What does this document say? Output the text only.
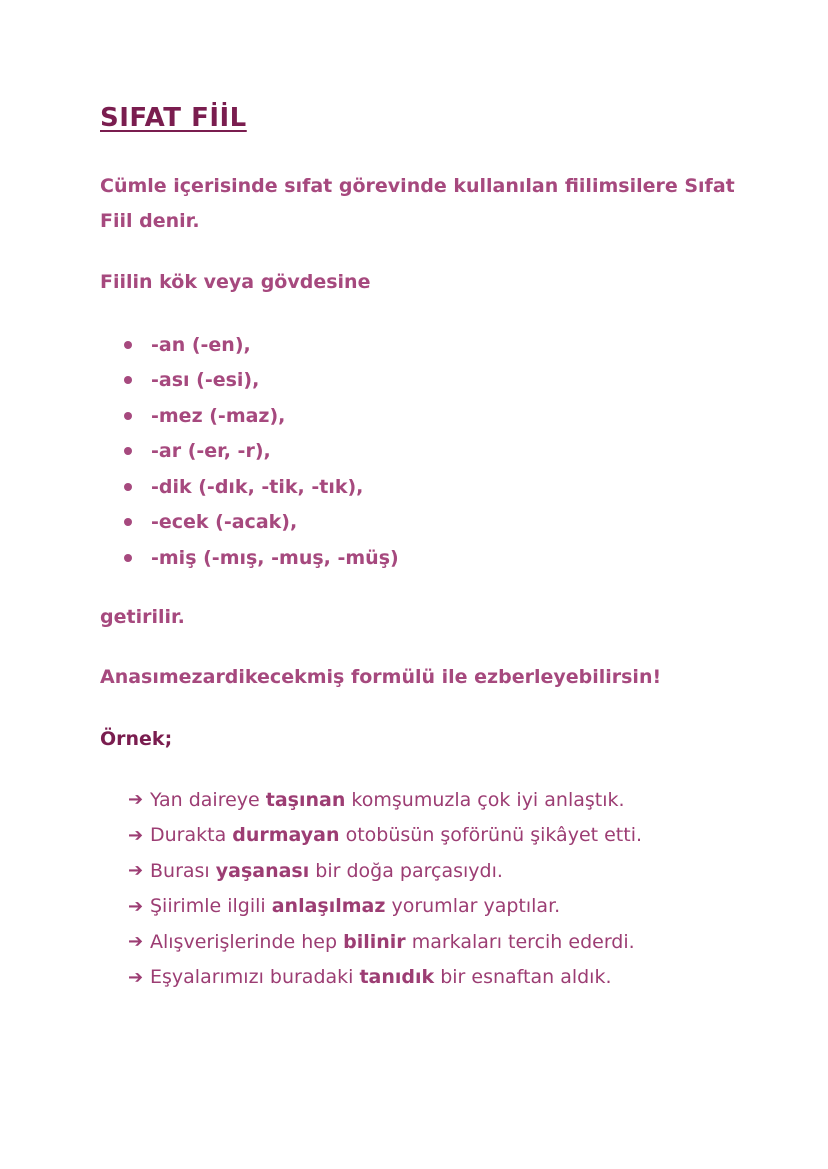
SIFAT FİİL

Cümle içerisinde sıfat görevinde kullanılan fiilimsilere Sıfat Fiil denir.

Fiilin kök veya gövdesine

-an (-en),
-ası (-esi),
-mez (-maz),
-ar (-er, -r),
-dik (-dık, -tik, -tık),
-ecek (-acak),
-miş (-mış, -muş, -müş)

getirilir.

Anasımezardikecekmiş formülü ile ezberleyebilirsin!

Örnek;

➔ Yan daireye taşınan komşumuzla çok iyi anlaştık.
➔ Durakta durmayan otobüsün şoförünü şikâyet etti.
➔ Burası yaşanası bir doğa parçasıydı.
➔ Şiirimle ilgili anlaşılmaz yorumlar yaptılar.
➔ Alışverişlerinde hep bilinir markaları tercih ederdi.
➔ Eşyalarımızı buradaki tanıdık bir esnaftan aldık.
